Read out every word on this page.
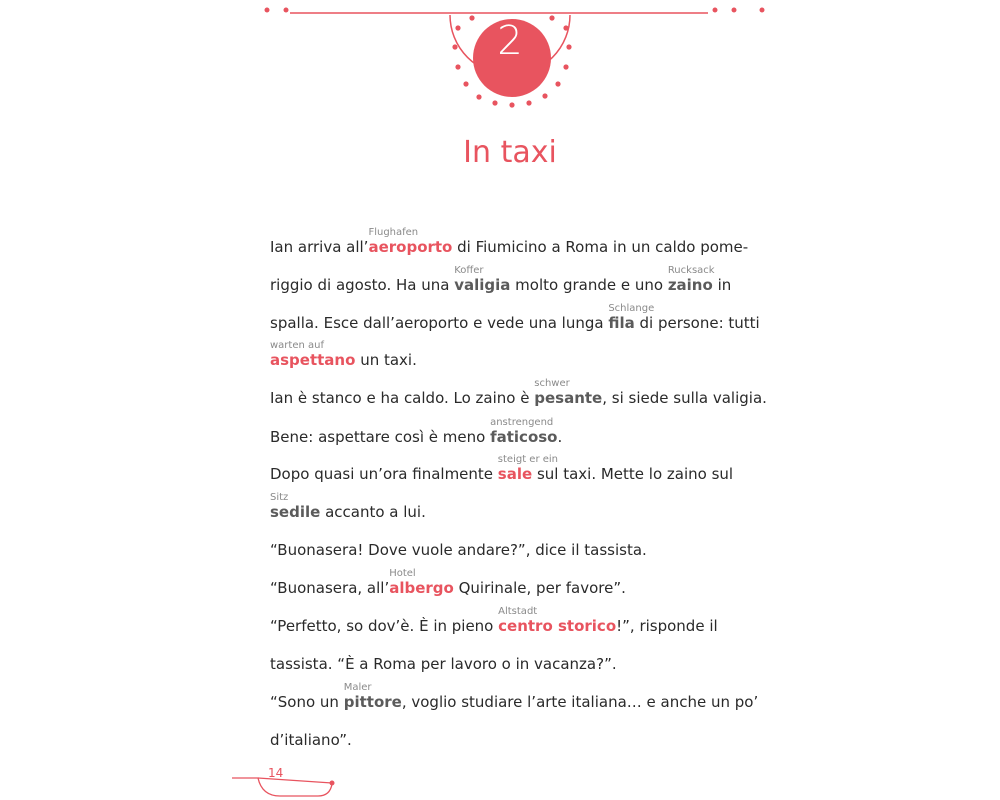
2
In taxi
Ian arriva all’
Flughafen
aeroporto di Fiumicino a Roma in un caldo pome-
riggio di agosto. Ha una
Koffer
valigia molto grande e uno
Rucksack
zaino in
spalla. Esce dall’aeroporto e vede una lunga
Schlange
fila di persone: tutti
warten auf
aspettano un taxi.
Ian è stanco e ha caldo. Lo zaino è
schwer
pesante, si siede sulla valigia.
Bene: aspettare così è meno
anstrengend
faticoso.
Dopo quasi un’ora finalmente
steigt er ein
sale sul taxi. Mette lo zaino sul
Sitz
sedile accanto a lui.
“Buonasera! Dove vuole andare?”, dice il tassista.
“Buonasera, all’
Hotel
albergo Quirinale, per favore”.
“Perfetto, so dov’è. È in pieno
Altstadt
centro storico!”, risponde il
tassista. “È a Roma per lavoro o in vacanza?”.
“Sono un
Maler
pittore, voglio studiare l’arte italiana… e anche un po’
d’italiano”.
14
